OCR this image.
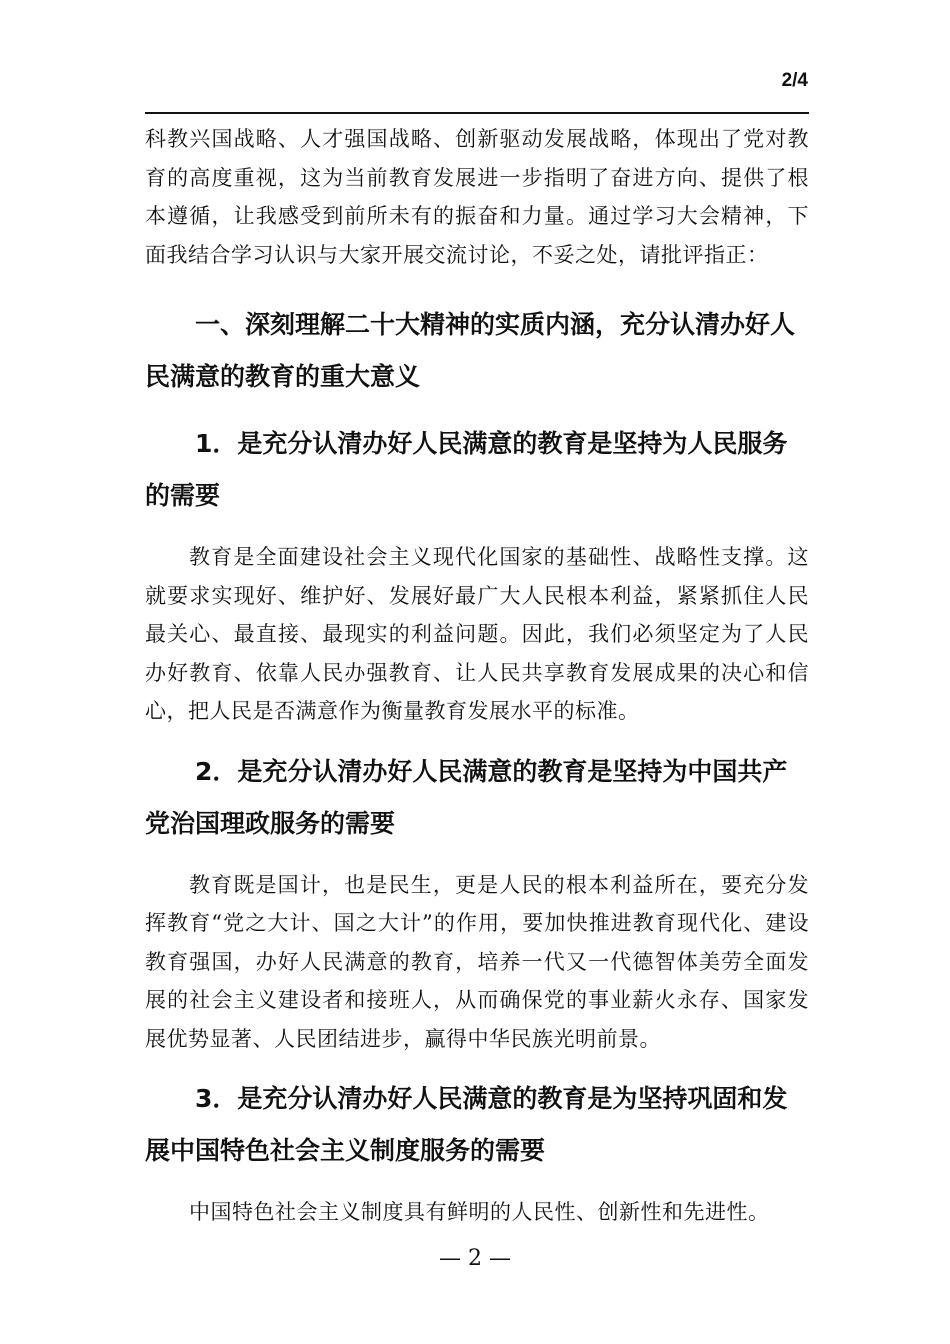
2/4

科教兴国战略、人才强国战略、创新驱动发展战略，体现出了党对教育的高度重视，这为当前教育发展进一步指明了奋进方向、提供了根本遵循，让我感受到前所未有的振奋和力量。通过学习大会精神，下面我结合学习认识与大家开展交流讨论，不妥之处，请批评指正：

一、深刻理解二十大精神的实质内涵，充分认清办好人民满意的教育的重大意义

1．是充分认清办好人民满意的教育是坚持为人民服务的需要

教育是全面建设社会主义现代化国家的基础性、战略性支撑。这就要求实现好、维护好、发展好最广大人民根本利益，紧紧抓住人民最关心、最直接、最现实的利益问题。因此，我们必须坚定为了人民办好教育、依靠人民办强教育、让人民共享教育发展成果的决心和信心，把人民是否满意作为衡量教育发展水平的标准。

2．是充分认清办好人民满意的教育是坚持为中国共产党治国理政服务的需要

教育既是国计，也是民生，更是人民的根本利益所在，要充分发挥教育“党之大计、国之大计”的作用，要加快推进教育现代化、建设教育强国，办好人民满意的教育，培养一代又一代德智体美劳全面发展的社会主义建设者和接班人，从而确保党的事业薪火永存、国家发展优势显著、人民团结进步，赢得中华民族光明前景。

3．是充分认清办好人民满意的教育是为坚持巩固和发展中国特色社会主义制度服务的需要

中国特色社会主义制度具有鲜明的人民性、创新性和先进性。

— 2 —
